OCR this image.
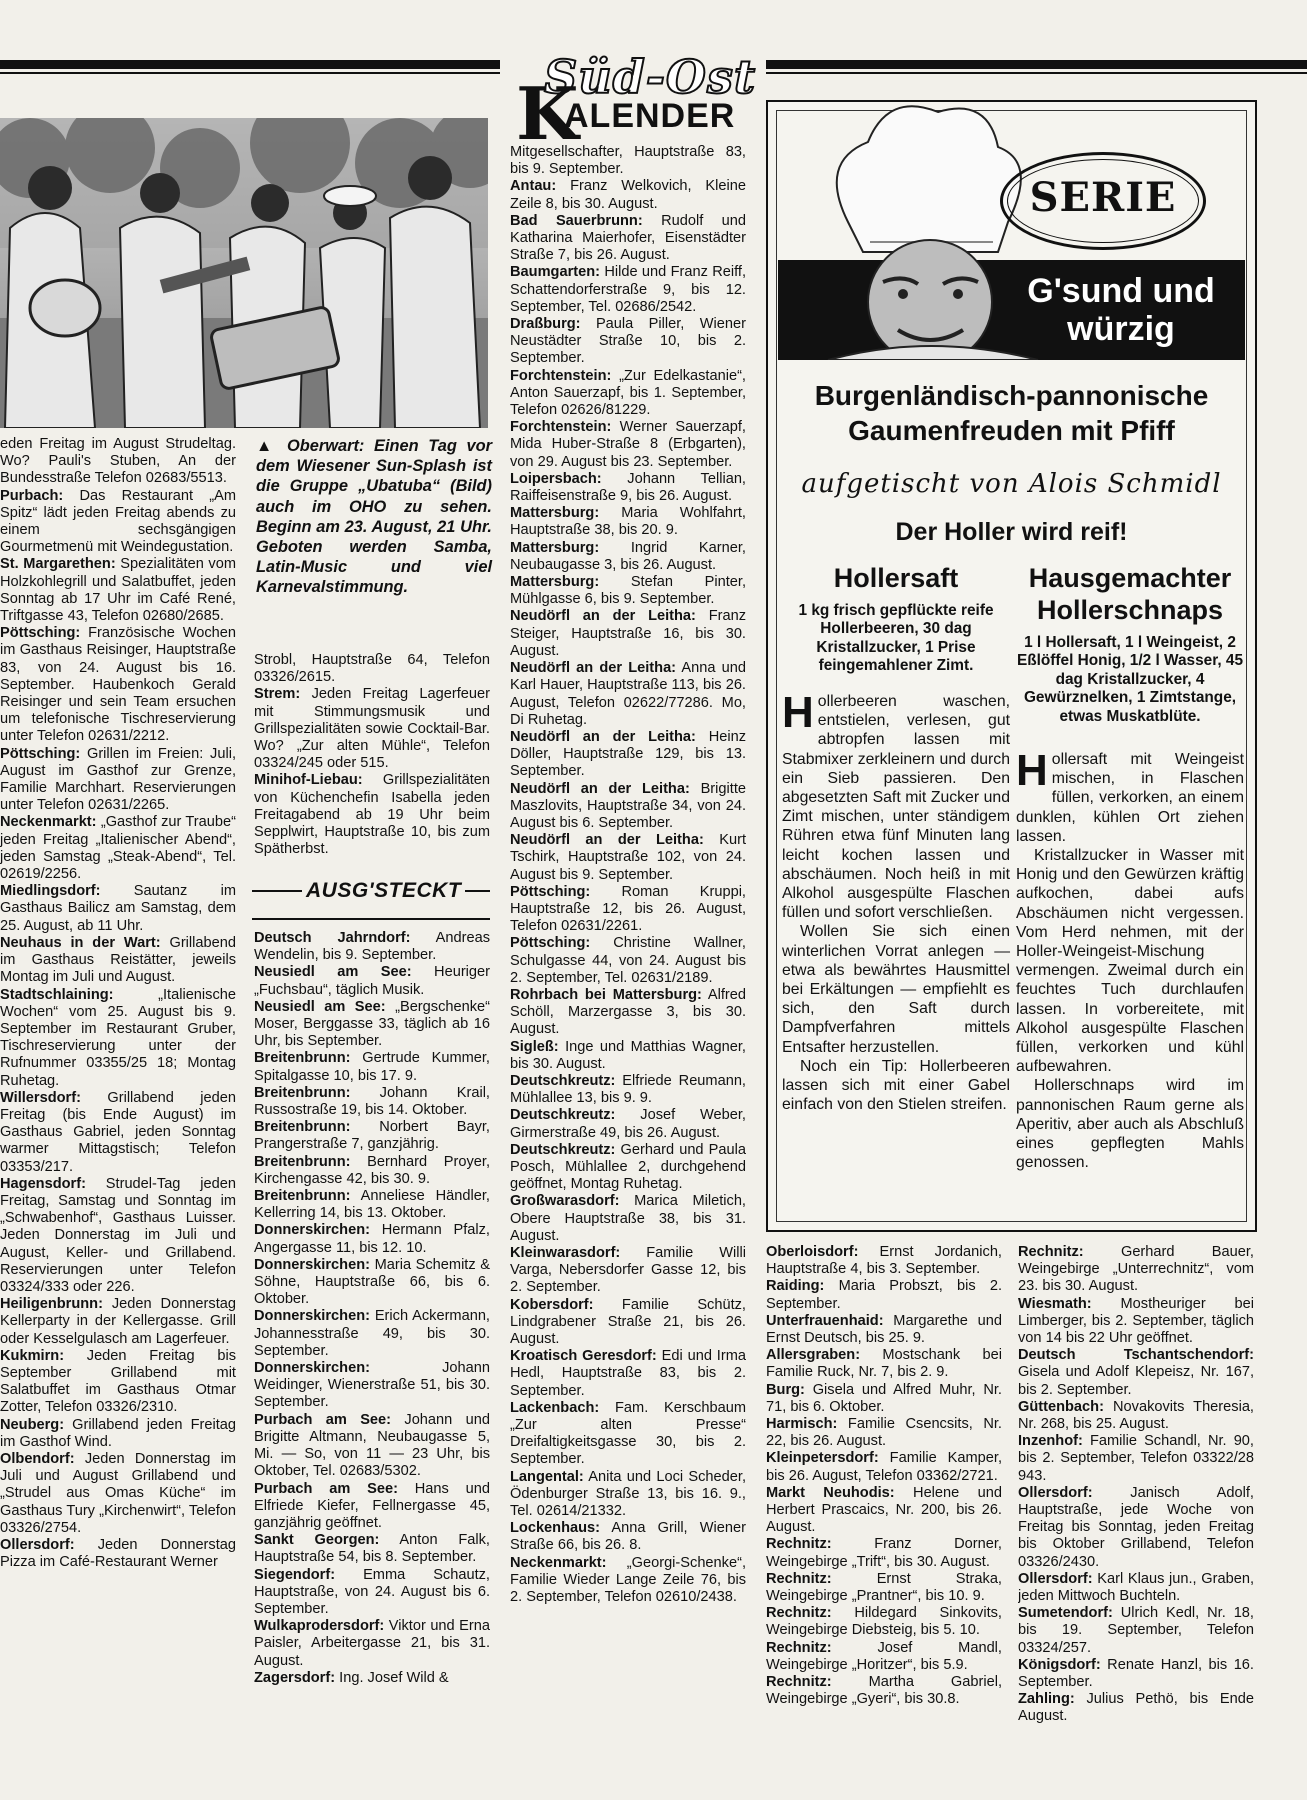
Süd-Ost
K
ALENDER

eden Freitag im August Strudeltag. Wo? Pauli's Stuben, An der Bundesstraße Telefon 02683/5513.

Purbach: Das Restaurant „Am Spitz“ lädt jeden Freitag abends zu einem sechsgängigen Gourmetmenü mit Weindegustation.

St. Margarethen: Spezialitäten vom Holzkohlegrill und Salatbuffet, jeden Sonntag ab 17 Uhr im Café René, Triftgasse 43, Telefon 02680/2685.

Pöttsching: Französische Wochen im Gasthaus Reisinger, Hauptstraße 83, von 24. August bis 16. September. Haubenkoch Gerald Reisinger und sein Team ersuchen um telefonische Tischreservierung unter Telefon 02631/2212.

Pöttsching: Grillen im Freien: Juli, August im Gasthof zur Grenze, Familie Marchhart. Reservierungen unter Telefon 02631/2265.

Neckenmarkt: „Gasthof zur Traube“ jeden Freitag „Italienischer Abend“, jeden Samstag „Steak-Abend“, Tel. 02619/2256.

Miedlingsdorf: Sautanz im Gasthaus Bailicz am Samstag, dem 25. August, ab 11 Uhr.

Neuhaus in der Wart: Grillabend im Gasthaus Reistätter, jeweils Montag im Juli und August.

Stadtschlaining:	„Italienische Wochen“ vom 25. August bis 9. September im Restaurant Gruber, Tischreservierung unter der Rufnummer 03355/25 18; Montag Ruhetag.

Willersdorf: Grillabend jeden Freitag (bis Ende August) im Gasthaus Gabriel, jeden Sonntag warmer Mittagstisch; Telefon 03353/217.

Hagensdorf: Strudel-Tag jeden Freitag, Samstag und Sonntag im „Schwabenhof“, Gasthaus Luisser. Jeden Donnerstag im Juli und August, Keller- und Grillabend. Reservierungen unter Telefon 03324/333 oder 226.

Heiligenbrunn: Jeden Donnerstag Kellerparty in der Kellergasse. Grill oder Kesselgulasch am Lagerfeuer.

Kukmirn: Jeden Freitag bis September Grillabend mit Salatbuffet im Gasthaus Otmar Zotter, Telefon 03326/2310.

Neuberg: Grillabend jeden Freitag im Gasthof Wind.

Olbendorf: Jeden Donnerstag im Juli und August Grillabend und „Strudel aus Omas Küche“ im Gasthaus Tury „Kirchenwirt“, Telefon 03326/2754.

Ollersdorf: Jeden Donnerstag Pizza im Café-Restaurant Werner

▲ Oberwart: Einen Tag vor dem Wiesener Sun-Splash ist die Gruppe „Ubatuba“ (Bild) auch im OHO zu sehen. Beginn am 23. August, 21 Uhr. Geboten werden Samba, Latin-Music und viel Karnevalstimmung.

Strobl, Hauptstraße 64, Telefon 03326/2615.

Strem: Jeden Freitag Lagerfeuer mit Stimmungsmusik und Grillspezialitäten sowie Cocktail-Bar. Wo? „Zur alten Mühle“, Telefon 03324/245 oder 515.

Minihof-Liebau: Grillspezialitäten von Küchenchefin Isabella jeden Freitagabend ab 19 Uhr beim Sepplwirt, Hauptstraße 10, bis zum Spätherbst.

AUSG'STECKT

Deutsch Jahrndorf: Andreas Wendelin, bis 9. September.

Neusiedl am See: Heuriger „Fuchsbau“, täglich Musik.

Neusiedl am See: „Bergschenke“ Moser, Berggasse 33, täglich ab 16 Uhr, bis September.

Breitenbrunn: Gertrude Kummer, Spitalgasse 10, bis 17. 9.

Breitenbrunn: Johann Krail, Russostraße 19, bis 14. Oktober.

Breitenbrunn: Norbert Bayr, Prangerstraße 7, ganzjährig.

Breitenbrunn: Bernhard Proyer, Kirchengasse 42, bis 30. 9.

Breitenbrunn: Anneliese Händler, Kellerring 14, bis 13. Oktober.

Donnerskirchen: Hermann Pfalz, Angergasse 11, bis 12. 10.

Donnerskirchen: Maria Schemitz & Söhne, Hauptstraße 66, bis 6. Oktober.

Donnerskirchen: Erich Ackermann, Johannesstraße 49, bis 30. September.

Donnerskirchen:	Johann Weidinger, Wienerstraße 51, bis 30. September.

Purbach am See: Johann und Brigitte Altmann, Neubaugasse 5, Mi. — So, von 11 — 23 Uhr, bis Oktober, Tel. 02683/5302.

Purbach am See: Hans und Elfriede Kiefer, Fellnergasse 45, ganzjährig geöffnet.

Sankt Georgen: Anton Falk, Hauptstraße 54, bis 8. September.

Siegendorf: Emma Schautz, Hauptstraße, von 24. August bis 6. September.

Wulkaprodersdorf: Viktor und Erna Paisler, Arbeitergasse 21, bis 31. August.

Zagersdorf: Ing. Josef Wild &

Mitgesellschafter, Hauptstraße 83, bis 9. September.

Antau: Franz Welkovich, Kleine Zeile 8, bis 30. August.

Bad Sauerbrunn: Rudolf und Katharina Maierhofer, Eisenstädter Straße 7, bis 26. August.

Baumgarten: Hilde und Franz Reiff, Schattendorferstraße 9, bis 12. September, Tel. 02686/2542.

Draßburg: Paula Piller, Wiener Neustädter Straße 10, bis 2. September.

Forchtenstein: „Zur Edelkastanie“, Anton Sauerzapf, bis 1. September, Telefon 02626/81229.

Forchtenstein: Werner Sauerzapf, Mida Huber-Straße 8 (Erbgarten), von 29. August bis 23. September.

Loipersbach: Johann Tellian, Raiffeisenstraße 9, bis 26. August.

Mattersburg: Maria Wohlfahrt, Hauptstraße 38, bis 20. 9.

Mattersburg: Ingrid Karner, Neubaugasse 3, bis 26. August.

Mattersburg: Stefan Pinter, Mühlgasse 6, bis 9. September.

Neudörfl an der Leitha: Franz Steiger, Hauptstraße 16, bis 30. August.

Neudörfl an der Leitha: Anna und Karl Hauer, Hauptstraße 113, bis 26. August, Telefon 02622/77286. Mo, Di Ruhetag.

Neudörfl an der Leitha: Heinz Döller, Hauptstraße 129, bis 13. September.

Neudörfl an der Leitha: Brigitte Maszlovits, Hauptstraße 34, von 24. August bis 6. September.

Neudörfl an der Leitha: Kurt Tschirk, Hauptstraße 102, von 24. August bis 9. September.

Pöttsching: Roman Kruppi, Hauptstraße 12, bis 26. August, Telefon 02631/2261.

Pöttsching: Christine Wallner, Schulgasse 44, von 24. August bis 2. September, Tel. 02631/2189.

Rohrbach bei Mattersburg: Alfred Schöll, Marzergasse 3, bis 30. August.

Sigleß: Inge und Matthias Wagner, bis 30. August.

Deutschkreutz: Elfriede Reumann, Mühlallee 13, bis 9. 9.

Deutschkreutz: Josef Weber, Girmerstraße 49, bis 26. August.

Deutschkreutz: Gerhard und Paula Posch, Mühlallee 2, durchgehend geöffnet, Montag Ruhetag.

Großwarasdorf: Marica Miletich, Obere Hauptstraße 38, bis 31. August.

Kleinwarasdorf: Familie Willi Varga, Nebersdorfer Gasse 12, bis 2. September.

Kobersdorf: Familie Schütz, Lindgrabener Straße 21, bis 26. August.

Kroatisch Geresdorf: Edi und Irma Hedl, Hauptstraße 83, bis 2. September.

Lackenbach: Fam. Kerschbaum „Zur alten Presse“ Dreifaltigkeitsgasse 30, bis 2. September.

Langental: Anita und Loci Scheder, Ödenburger Straße 13, bis 16. 9., Tel. 02614/21332.

Lockenhaus: Anna Grill, Wiener Straße 66, bis 26. 8.

Neckenmarkt: „Georgi-Schenke“, Familie Wieder Lange Zeile 76, bis 2. September, Telefon 02610/2438.

G'sund und würzig
SERIE
Burgenländisch-pannonische
Gaumenfreuden mit Pfiff
aufgetischt von Alois Schmidl
Der Holler wird reif!
Hollersaft
1 kg frisch gepflückte reife Hollerbeeren, 30 dag Kristallzucker, 1 Prise feingemahlener Zimt.

Hollerbeeren waschen, entstielen, verlesen, gut abtropfen lassen mit Stabmixer zerkleinern und durch ein Sieb passieren. Den abgesetzten Saft mit Zucker und Zimt mischen, unter ständigem Rühren etwa fünf Minuten lang leicht kochen lassen und abschäumen. Noch heiß in mit Alkohol ausgespülte Flaschen füllen und sofort verschließen.

Wollen Sie sich einen winterlichen Vorrat anlegen — etwa als bewährtes Hausmittel bei Erkältungen — empfiehlt es sich, den Saft durch Dampfverfahren mittels Entsafter herzustellen.

Noch ein Tip: Hollerbeeren lassen sich mit einer Gabel einfach von den Stielen streifen.

Hausgemachter
Hollerschnaps
1 l Hollersaft, 1 l Weingeist, 2 Eßlöffel Honig, 1/2 l Wasser, 45 dag Kristallzucker, 4 Gewürznelken, 1 Zimtstange, etwas Muskatblüte.

Hollersaft mit Weingeist mischen, in Flaschen füllen, verkorken, an einem dunklen, kühlen Ort ziehen lassen.

Kristallzucker in Wasser mit Honig und den Gewürzen kräftig aufkochen, dabei aufs Abschäumen nicht vergessen. Vom Herd nehmen, mit der Holler-Weingeist-Mischung vermengen. Zweimal durch ein feuchtes Tuch durchlaufen lassen. In vorbereitete, mit Alkohol ausgespülte Flaschen füllen, verkorken und kühl aufbewahren.

Hollerschnaps wird im pannonischen Raum gerne als Aperitiv, aber auch als Abschluß eines gepflegten Mahls genossen.

Oberloisdorf: Ernst Jordanich, Hauptstraße 4, bis 3. September.

Raiding: Maria Probszt, bis 2. September.

Unterfrauenhaid: Margarethe und Ernst Deutsch, bis 25. 9.

Allersgraben: Mostschank bei Familie Ruck, Nr. 7, bis 2. 9.

Burg: Gisela und Alfred Muhr, Nr. 71, bis 6. Oktober.

Harmisch: Familie Csencsits, Nr. 22, bis 26. August.

Kleinpetersdorf: Familie Kamper, bis 26. August, Telefon 03362/2721.

Markt Neuhodis: Helene und Herbert Prascaics, Nr. 200, bis 26. August.

Rechnitz:	Franz Dorner, Weingebirge „Trift“, bis 30. August.

Rechnitz:	Ernst Straka, Weingebirge „Prantner“, bis 10. 9.

Rechnitz: Hildegard Sinkovits, Weingebirge Diebsteig, bis 5. 10.

Rechnitz:	Josef Mandl, Weingebirge „Horitzer“, bis 5.9.

Rechnitz:	Martha Gabriel, Weingebirge „Gyeri“, bis 30.8.

Rechnitz:	Gerhard Bauer, Weingebirge „Unterrechnitz“, vom 23. bis 30. August.

Wiesmath: Mostheuriger bei Limberger, bis 2. September, täglich von 14 bis 22 Uhr geöffnet.

Deutsch Tschantschendorf: Gisela und Adolf Klepeisz, Nr. 167, bis 2. September.

Güttenbach: Novakovits Theresia, Nr. 268, bis 25. August.

Inzenhof: Familie Schandl, Nr. 90, bis 2. September, Telefon 03322/28 943.

Ollersdorf:	Janisch Adolf, Hauptstraße, jede Woche von Freitag bis Sonntag, jeden Freitag bis Oktober Grillabend, Telefon 03326/2430.

Ollersdorf: Karl Klaus jun., Graben, jeden Mittwoch Buchteln.

Sumetendorf: Ulrich Kedl, Nr. 18, bis 19. September, Telefon 03324/257.

Königsdorf: Renate Hanzl, bis 16. September.

Zahling: Julius Pethö, bis Ende August.
